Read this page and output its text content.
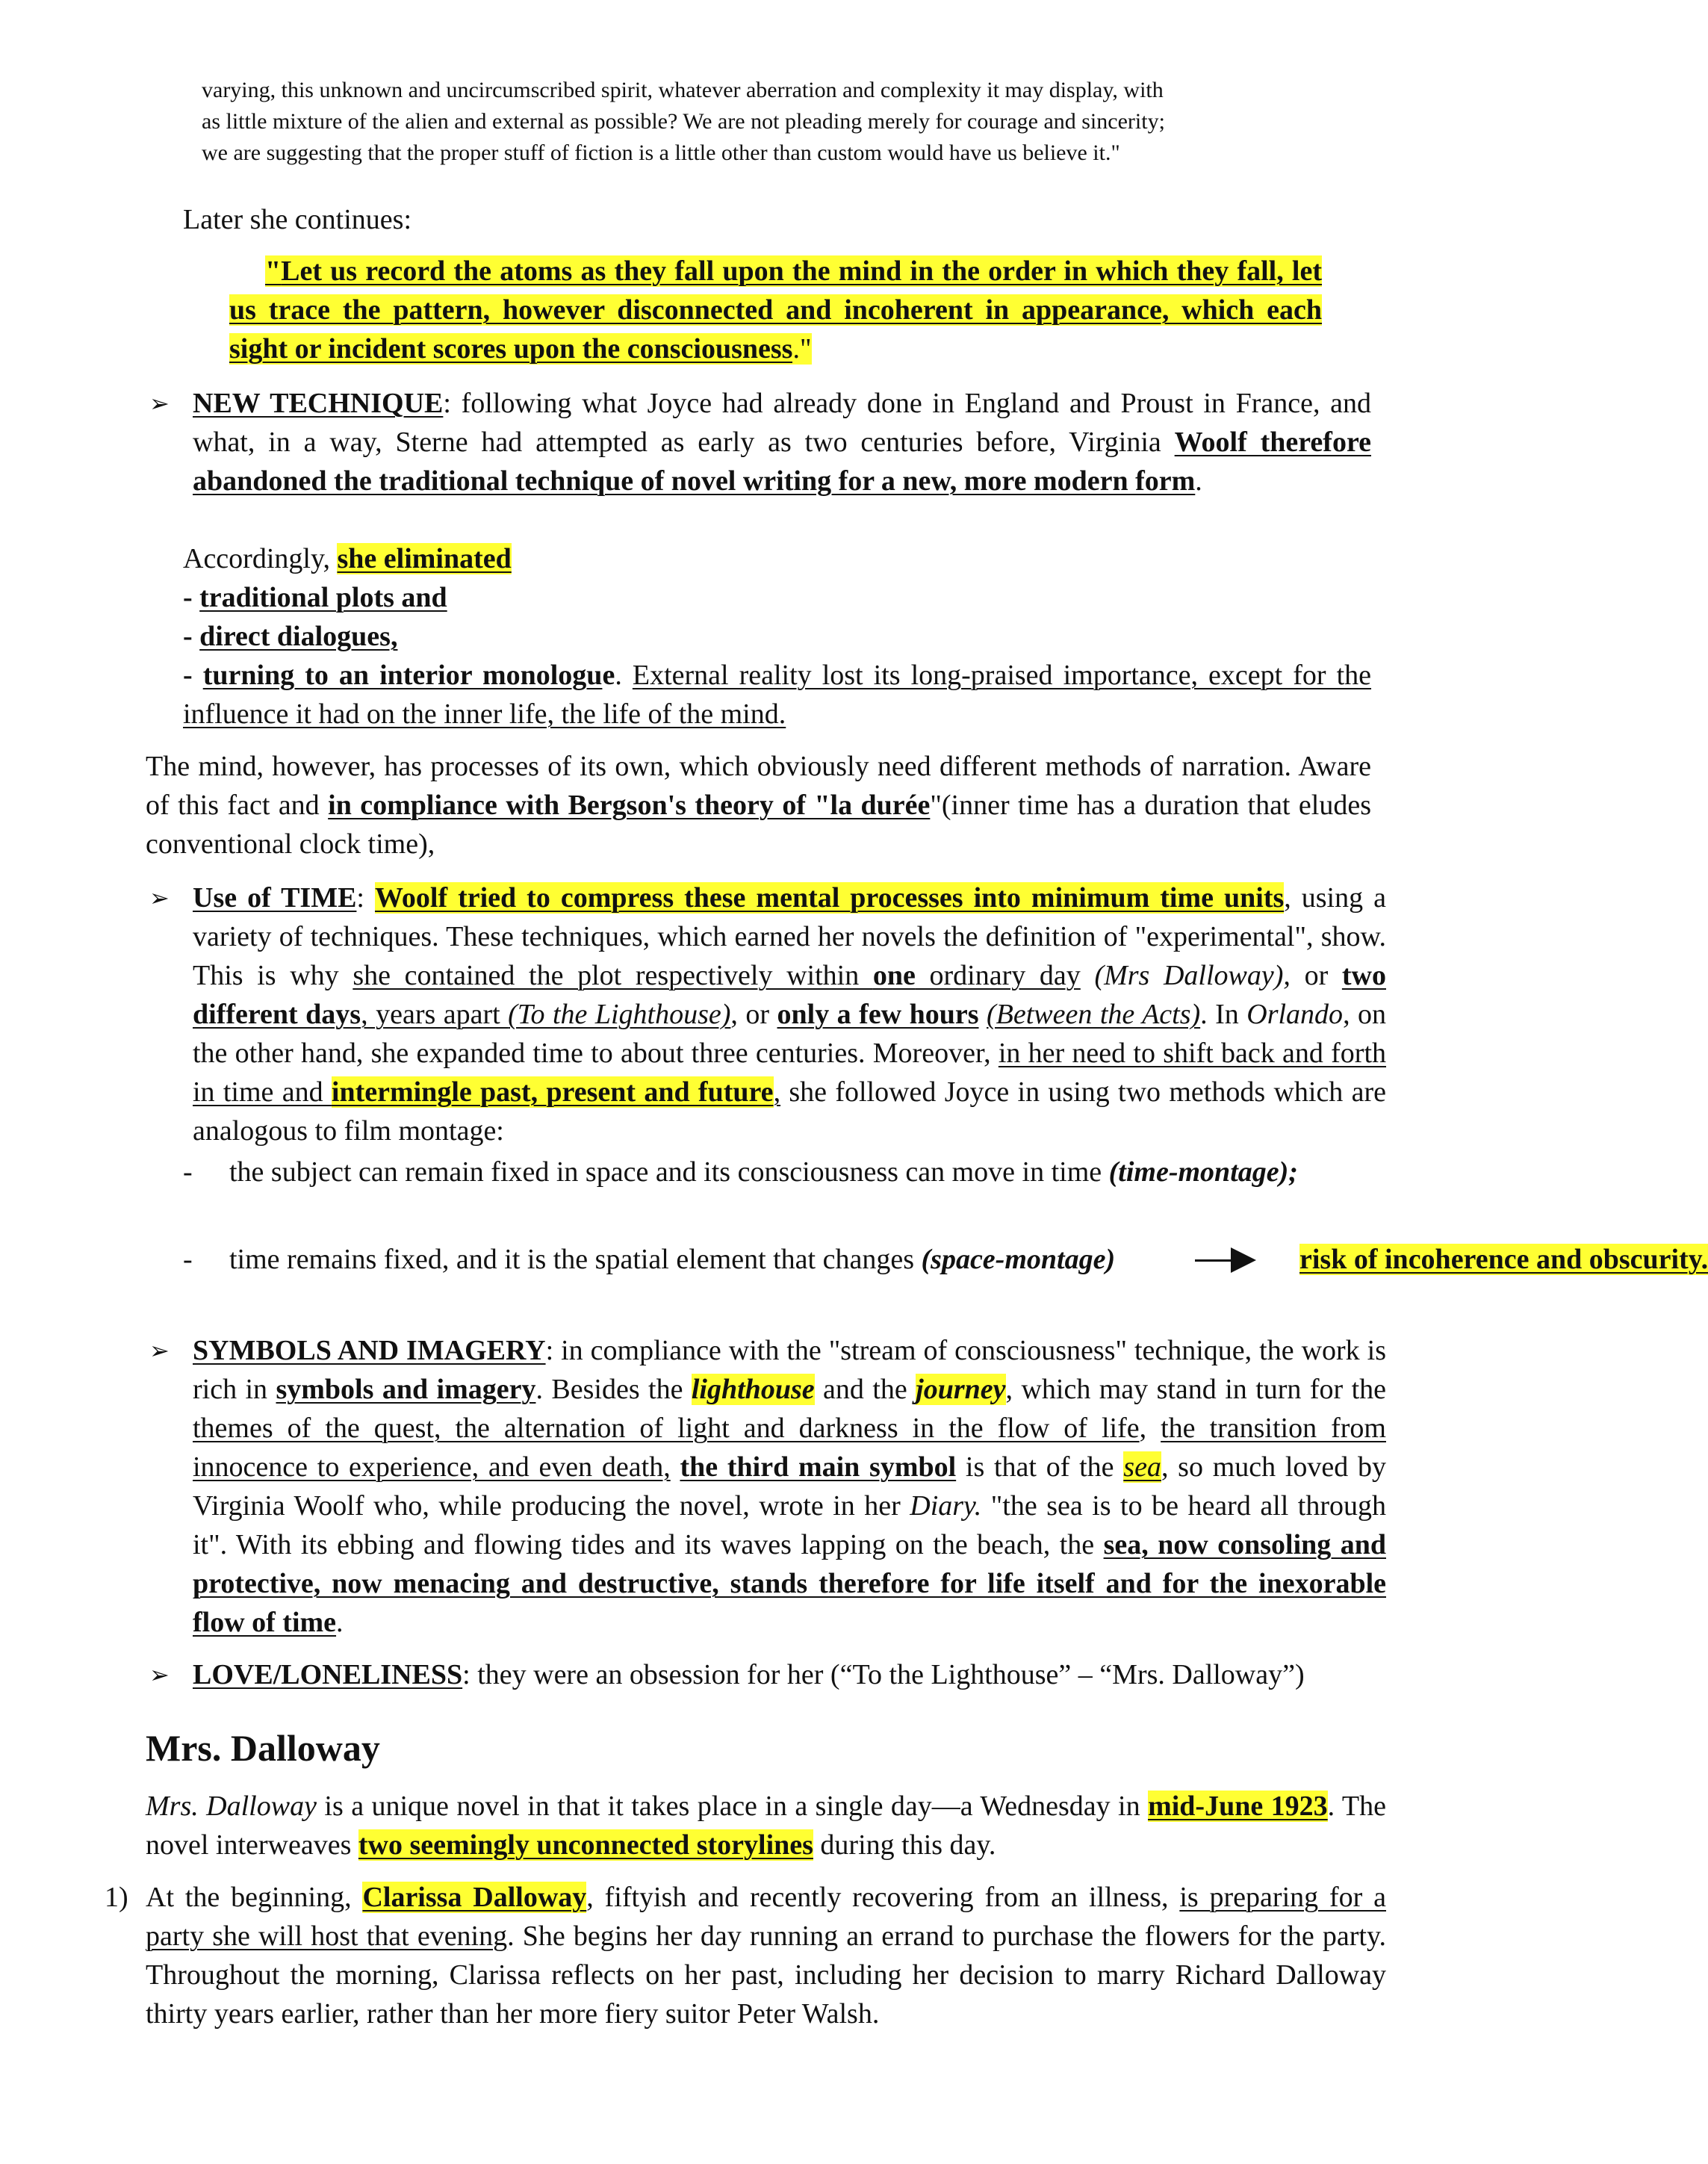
varying, this unknown and uncircumscribed spirit, whatever aberration and complexity it may display, with
as little mixture of the alien and external as possible? We are not pleading merely for courage and sincerity;
we are suggesting that the proper stuff of fiction is a little other than custom would have us believe it."
Later she continues:
"Let us record the atoms as they fall upon the mind in the order in which they fall, let us trace the pattern, however disconnected and incoherent in appearance, which each sight or incident scores upon the consciousness."
➢ NEW TECHNIQUE: following what Joyce had already done in England and Proust in France, and what, in a way, Sterne had attempted as early as two centuries before, Virginia Woolf therefore abandoned the traditional technique of novel writing for a new, more modern form.
Accordingly, she eliminated
- traditional plots and
- direct dialogues,
- turning to an interior monologue. External reality lost its long-praised importance, except for the influence it had on the inner life, the life of the mind.
The mind, however, has processes of its own, which obviously need different methods of narration. Aware of this fact and in compliance with Bergson's theory of "la durée"(inner time has a duration that eludes conventional clock time),
➢ Use of TIME: Woolf tried to compress these mental processes into minimum time units, using a variety of techniques. These techniques, which earned her novels the definition of "experimental", show. This is why she contained the plot respectively within one ordinary day (Mrs Dalloway), or two different days, years apart (To the Lighthouse), or only a few hours (Between the Acts). In Orlando, on the other hand, she expanded time to about three centuries. Moreover, in her need to shift back and forth in time and intermingle past, present and future, she followed Joyce in using two methods which are analogous to film montage:
- the subject can remain fixed in space and its consciousness can move in time (time-montage);
- time remains fixed, and it is the spatial element that changes (space-montage)	risk of incoherence and obscurity.
➢ SYMBOLS AND IMAGERY: in compliance with the "stream of consciousness" technique, the work is rich in symbols and imagery. Besides the lighthouse and the journey, which may stand in turn for the themes of the quest, the alternation of light and darkness in the flow of life, the transition from innocence to experience, and even death, the third main symbol is that of the sea, so much loved by Virginia Woolf who, while producing the novel, wrote in her Diary. "the sea is to be heard all through it". With its ebbing and flowing tides and its waves lapping on the beach, the sea, now consoling and protective, now menacing and destructive, stands therefore for life itself and for the inexorable flow of time.
➢ LOVE/LONELINESS: they were an obsession for her (“To the Lighthouse” – “Mrs. Dalloway”)
Mrs. Dalloway
Mrs. Dalloway is a unique novel in that it takes place in a single day—a Wednesday in mid-June 1923. The novel interweaves two seemingly unconnected storylines during this day.
1) At the beginning, Clarissa Dalloway, fiftyish and recently recovering from an illness, is preparing for a party she will host that evening. She begins her day running an errand to purchase the flowers for the party. Throughout the morning, Clarissa reflects on her past, including her decision to marry Richard Dalloway thirty years earlier, rather than her more fiery suitor Peter Walsh.
